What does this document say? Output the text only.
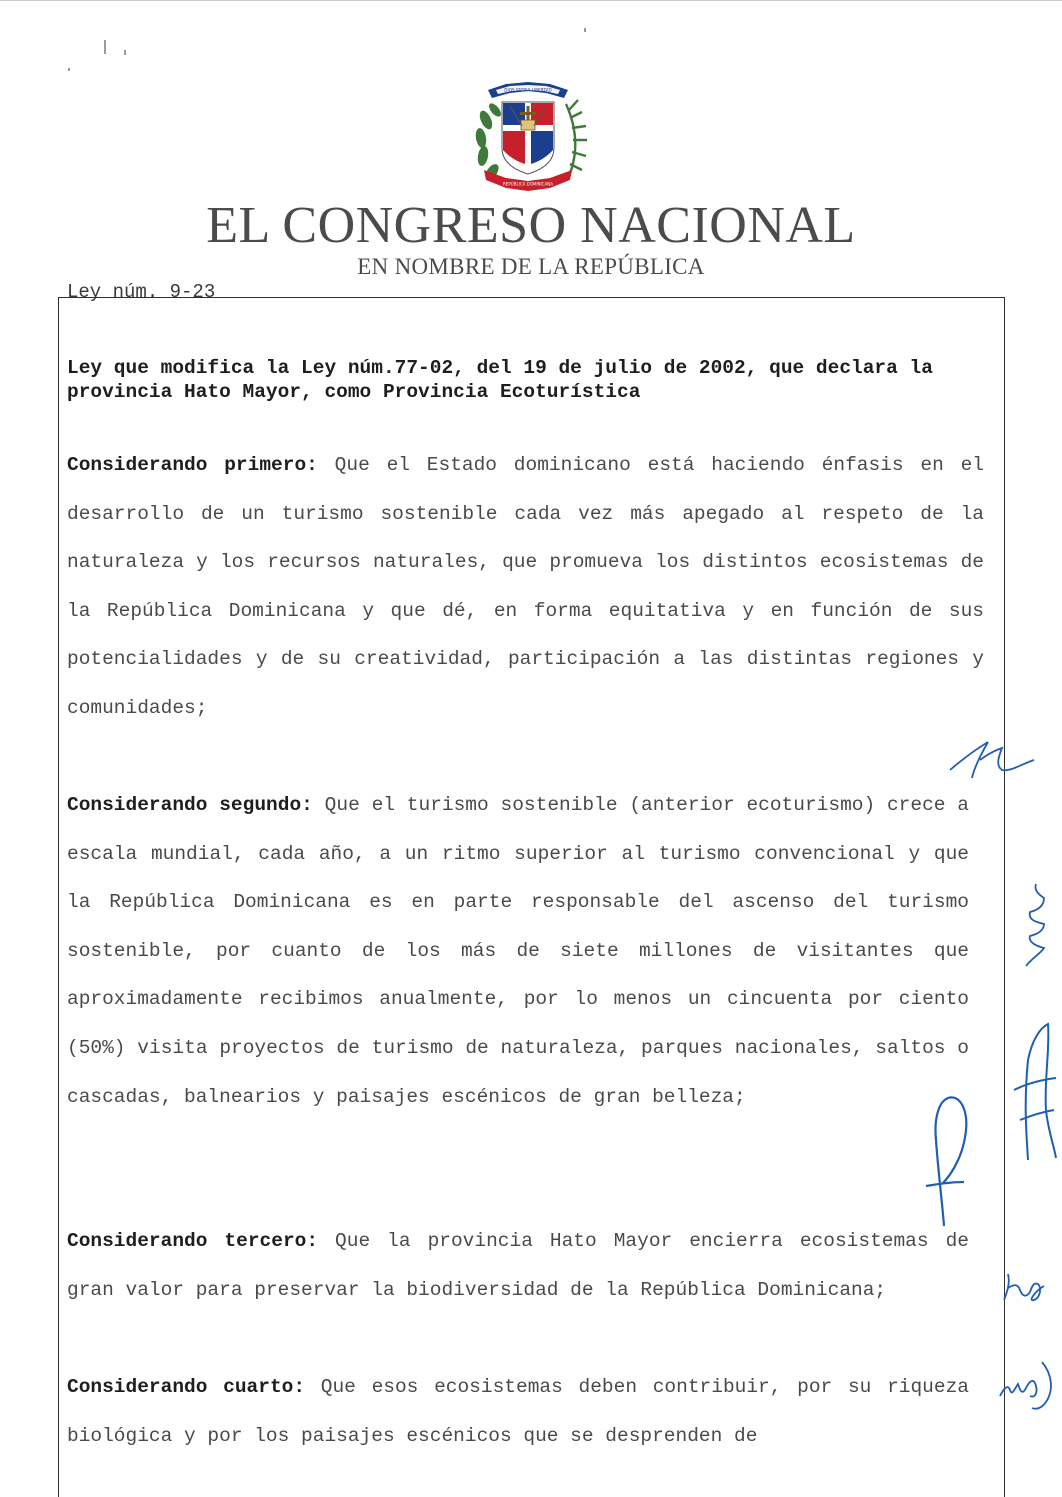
DIOS PATRIA LIBERTAD
REPÚBLICA DOMINICANA
EL CONGRESO NACIONAL
EN NOMBRE DE LA REPÚBLICA
Ley núm. 9-23
Ley que modifica la Ley núm.77-02, del 19 de julio de 2002, que declara la provincia Hato Mayor, como Provincia Ecoturística
Considerando primero: Que el Estado dominicano está haciendo énfasis en el desarrollo de un turismo sostenible cada vez más apegado al respeto de la naturaleza y los recursos naturales, que promueva los distintos ecosistemas de la República Dominicana y que dé, en forma equitativa y en función de sus potencialidades y de su creatividad, participación a las distintas regiones y comunidades;
Considerando segundo: Que el turismo sostenible (anterior ecoturismo) crece a escala mundial, cada año, a un ritmo superior al turismo convencional y que la República Dominicana es en parte responsable del ascenso del turismo sostenible, por cuanto de los más de siete millones de visitantes que aproximadamente recibimos anualmente, por lo menos un cincuenta por ciento (50%) visita proyectos de turismo de naturaleza, parques nacionales, saltos o cascadas, balnearios y paisajes escénicos de gran belleza;
Considerando tercero: Que la provincia Hato Mayor encierra ecosistemas de gran valor para preservar la biodiversidad de la República Dominicana;
Considerando cuarto: Que esos ecosistemas deben contribuir, por su riqueza biológica y por los paisajes escénicos que se desprenden de
